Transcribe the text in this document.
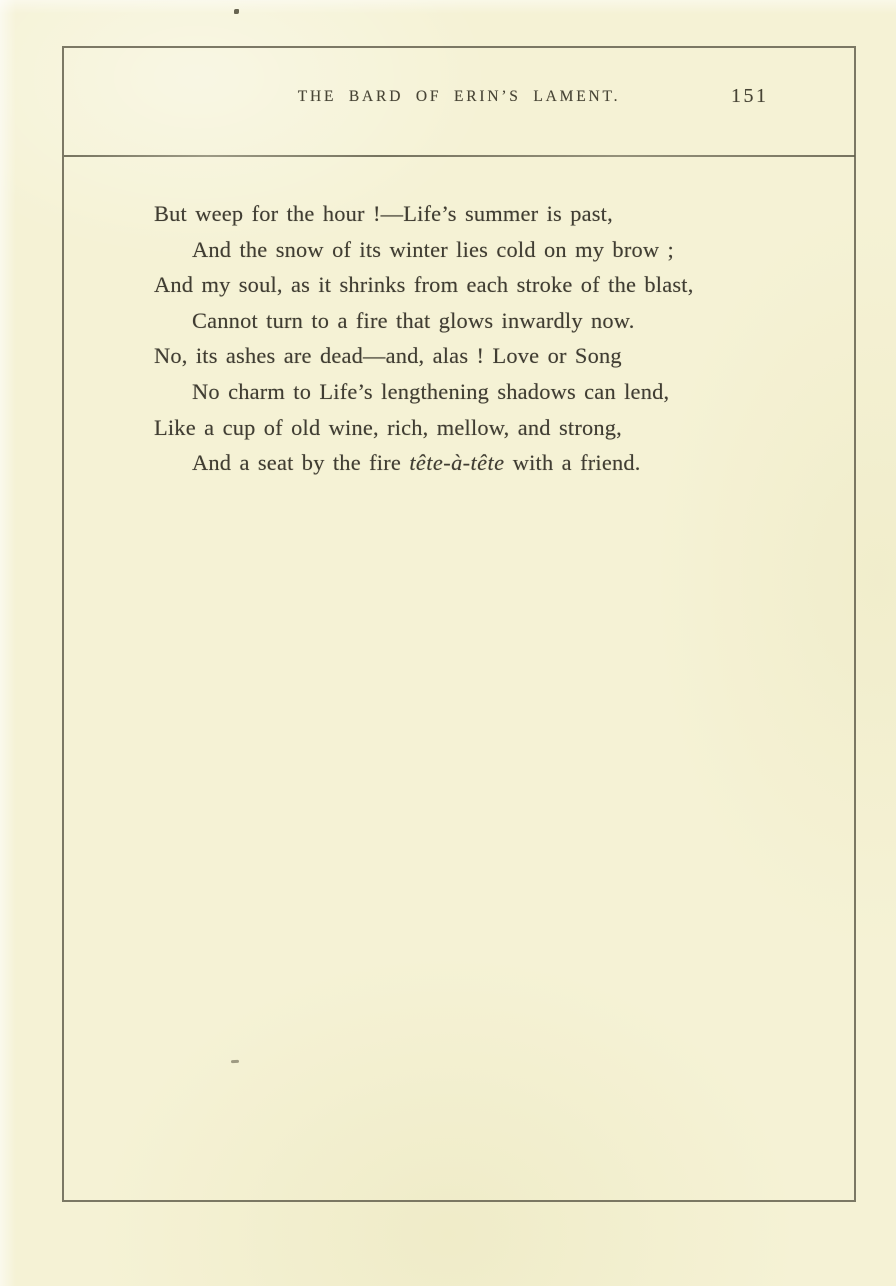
THE BARD OF ERIN’S LAMENT.	151
But weep for the hour !—Life’s summer is past,
And the snow of its winter lies cold on my brow ;
And my soul, as it shrinks from each stroke of the blast,
Cannot turn to a fire that glows inwardly now.
No, its ashes are dead—and, alas ! Love or Song
No charm to Life’s lengthening shadows can lend,
Like a cup of old wine, rich, mellow, and strong,
And a seat by the fire tête-à-tête with a friend.
